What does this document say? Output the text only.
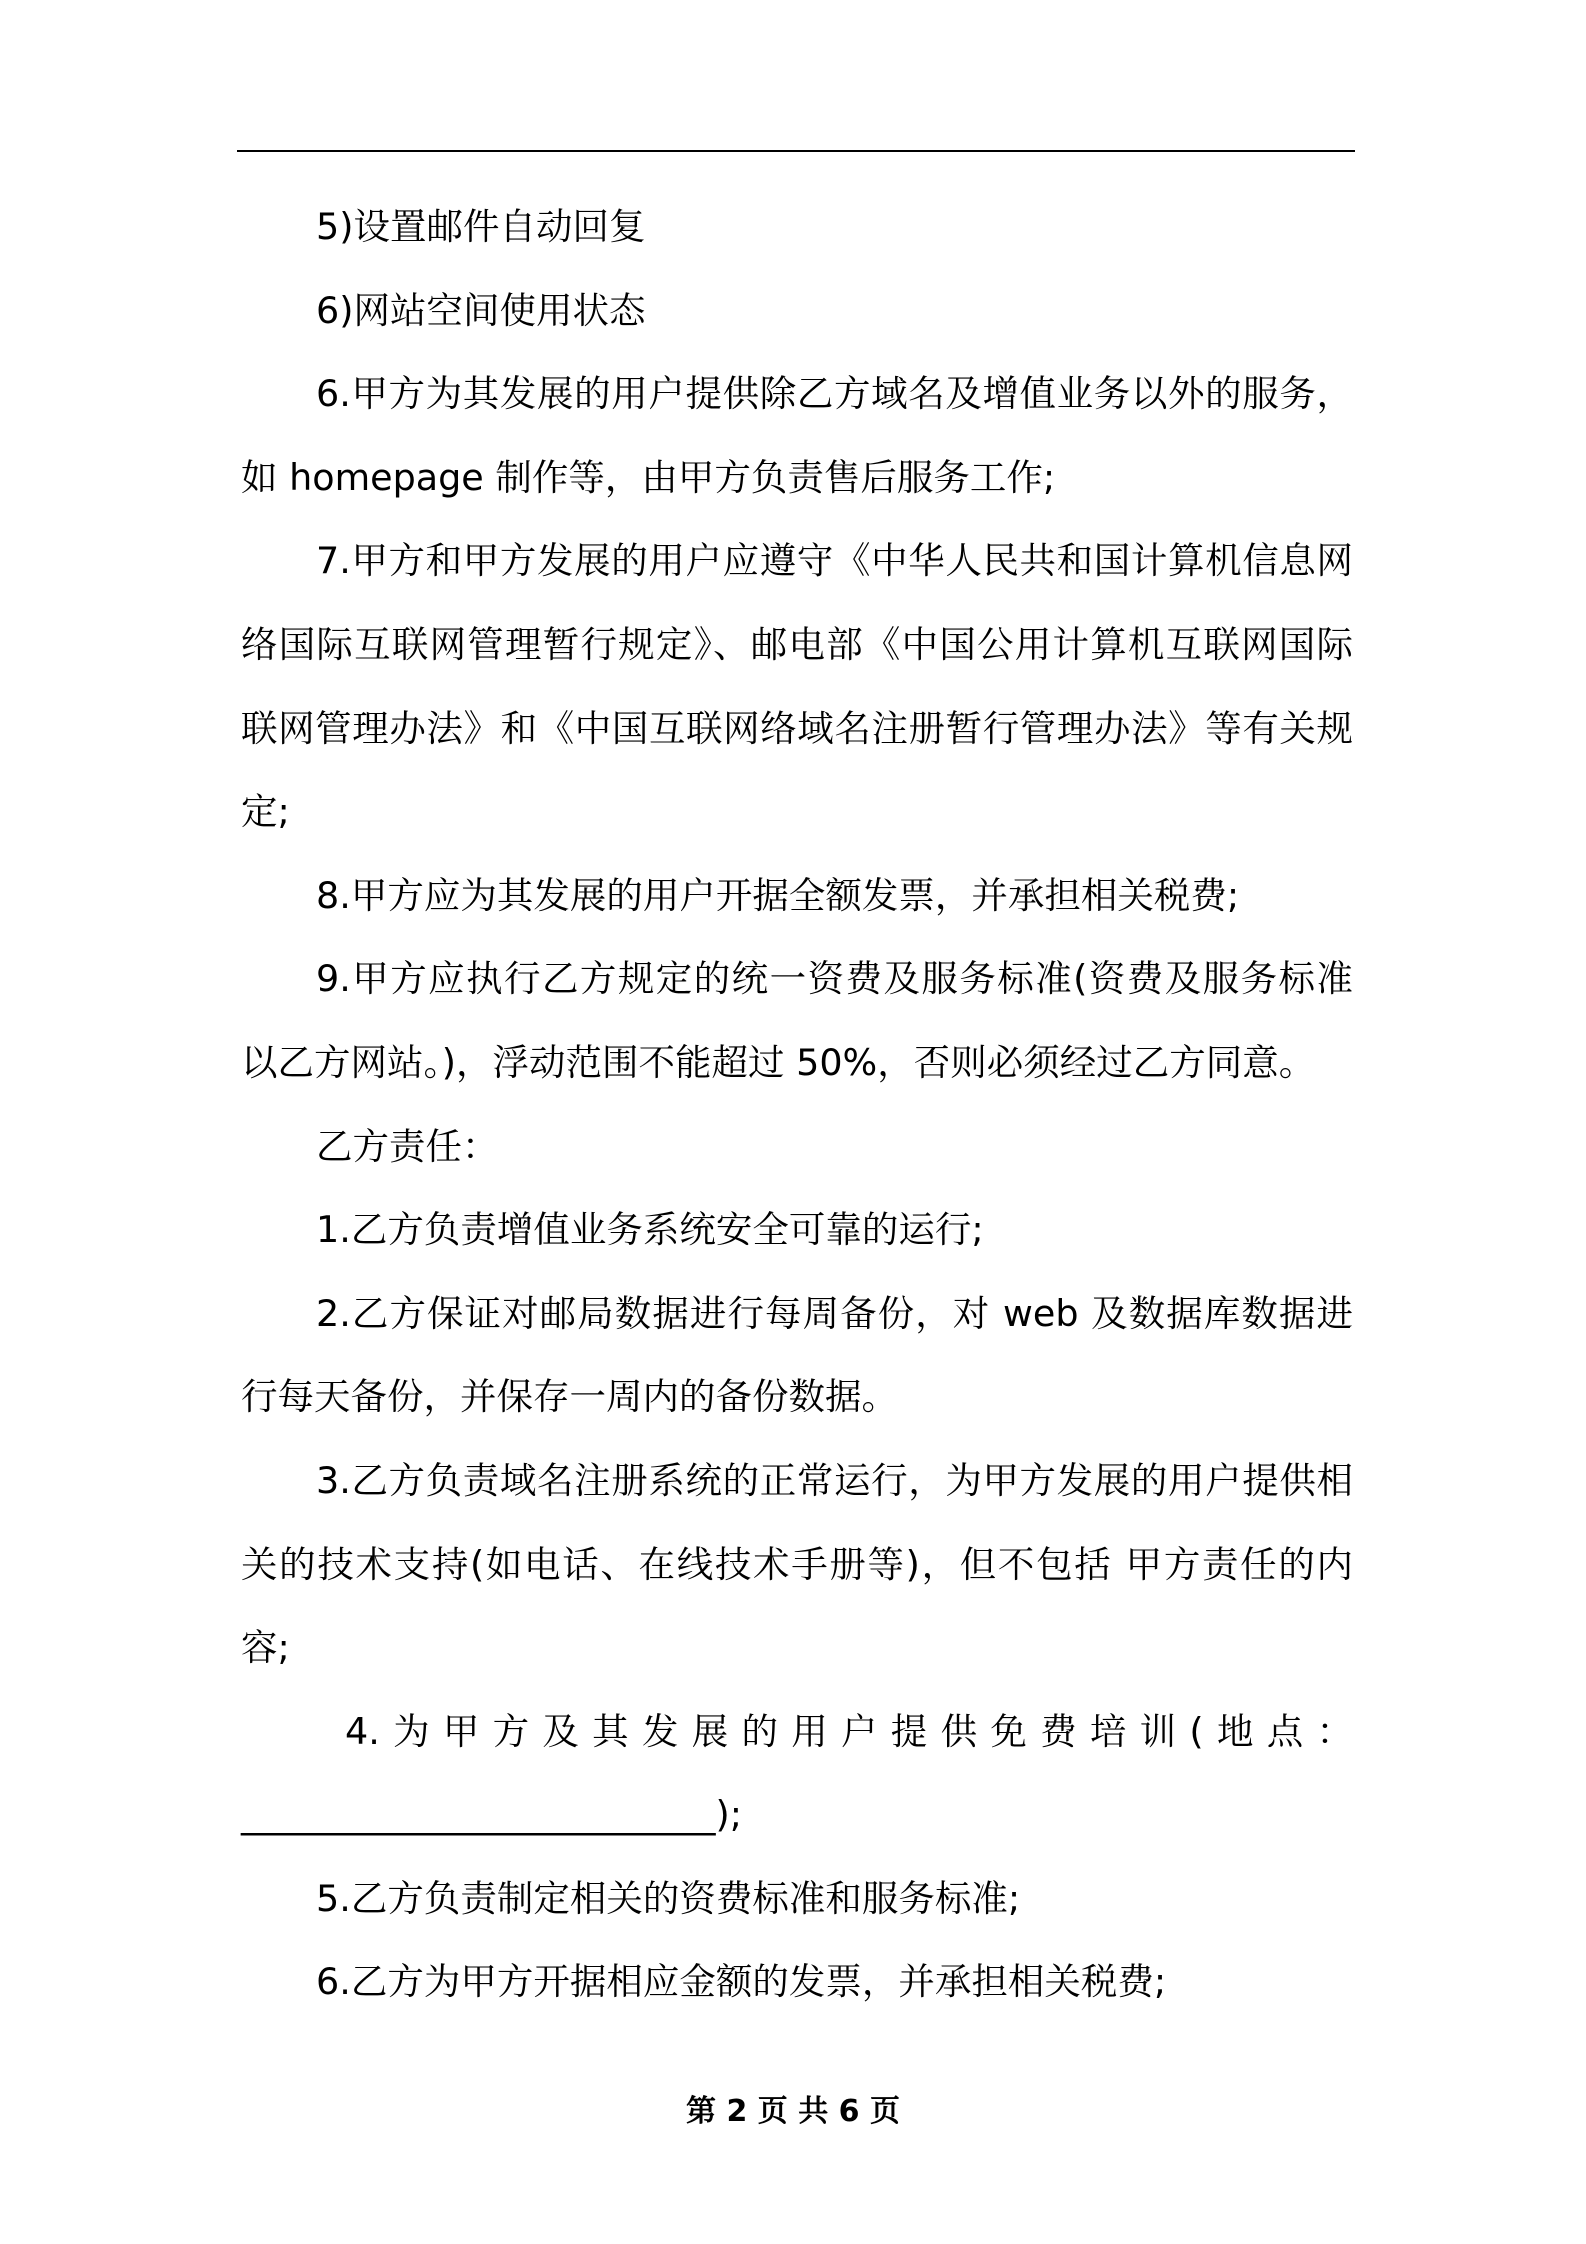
5)设置邮件自动回复
6)网站空间使用状态
6.甲方为其发展的用户提供除乙方域名及增值业务以外的服务，
如 homepage 制作等，由甲方负责售后服务工作;
7.甲方和甲方发展的用户应遵守《中华人民共和国计算机信息网
络国际互联网管理暂行规定》、邮电部《中国公用计算机互联网国际
联网管理办法》和《中国互联网络域名注册暂行管理办法》等有关规
定;
8.甲方应为其发展的用户开据全额发票，并承担相关税费;
9.甲方应执行乙方规定的统一资费及服务标准(资费及服务标准
以乙方网站。)，浮动范围不能超过 50%，否则必须经过乙方同意。
乙方责任：
1.乙方负责增值业务系统安全可靠的运行;
2.乙方保证对邮局数据进行每周备份，对 web 及数据库数据进
行每天备份，并保存一周内的备份数据。
3.乙方负责域名注册系统的正常运行，为甲方发展的用户提供相
关的技术支持(如电话、在线技术手册等)，但不包括 甲方责任的内
容;
4.为甲方及其发展的用户提供免费培训(地点：
__________________________);
5.乙方负责制定相关的资费标准和服务标准;
6.乙方为甲方开据相应金额的发票，并承担相关税费;
第 2 页 共 6 页
